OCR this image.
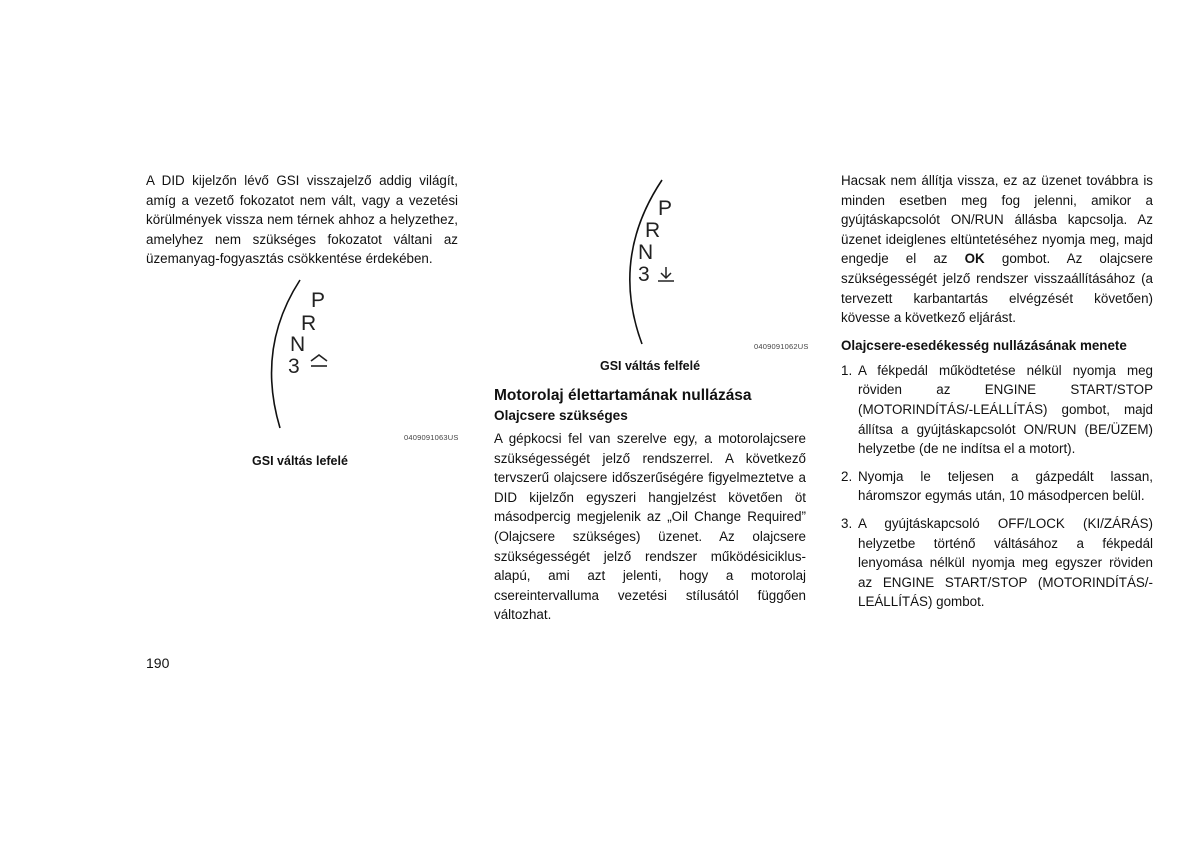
A DID kijelzőn lévő GSI visszajelző addig világít, amíg a vezető fokozatot nem vált, vagy a vezetési körülmények vissza nem térnek ahhoz a helyzethez, amelyhez nem szükséges fokozatot váltani az üzemanyag-fogyasztás csökkentése érdekében.

P
R
N
3
0409091063US
GSI váltás lefelé
P
R
N
3
0409091062US
GSI váltás felfelé
Motorolaj élettartamának nullázása
Olajcsere szükséges

A gépkocsi fel van szerelve egy, a motorolajcsere szükségességét jelző rendszerrel. A következő tervszerű olajcsere időszerűségére figyelmeztetve a DID kijelzőn egyszeri hangjelzést követően öt másodpercig megjelenik az „Oil Change Required” (Olajcsere szükséges) üzenet. Az olajcsere szükségességét jelző rendszer működésiciklus-alapú, ami azt jelenti, hogy a motorolaj csereintervalluma vezetési stílusától függően változhat.

Hacsak nem állítja vissza, ez az üzenet továbbra is minden esetben meg fog jelenni, amikor a gyújtáskapcsolót ON/RUN állásba kapcsolja. Az üzenet ideiglenes eltüntetéséhez nyomja meg, majd engedje el az OK gombot. Az olajcsere szükségességét jelző rendszer visszaállításához (a tervezett karbantartás elvégzését követően) kövesse a következő eljárást.

Olajcsere-esedékesség nullázásának menete
1. A fékpedál működtetése nélkül nyomja meg röviden az ENGINE START/STOP (MOTORINDÍTÁS/-LEÁLLÍTÁS) gombot, majd állítsa a gyújtáskapcsolót ON/RUN (BE/ÜZEM) helyzetbe (de ne indítsa el a motort).
2. Nyomja le teljesen a gázpedált lassan, háromszor egymás után, 10 másodpercen belül.
3. A gyújtáskapcsoló OFF/LOCK (KI/ZÁRÁS) helyzetbe történő váltásához a fékpedál lenyomása nélkül nyomja meg egyszer röviden az ENGINE START/STOP (MOTORINDÍTÁS/-LEÁLLÍTÁS) gombot.
190
